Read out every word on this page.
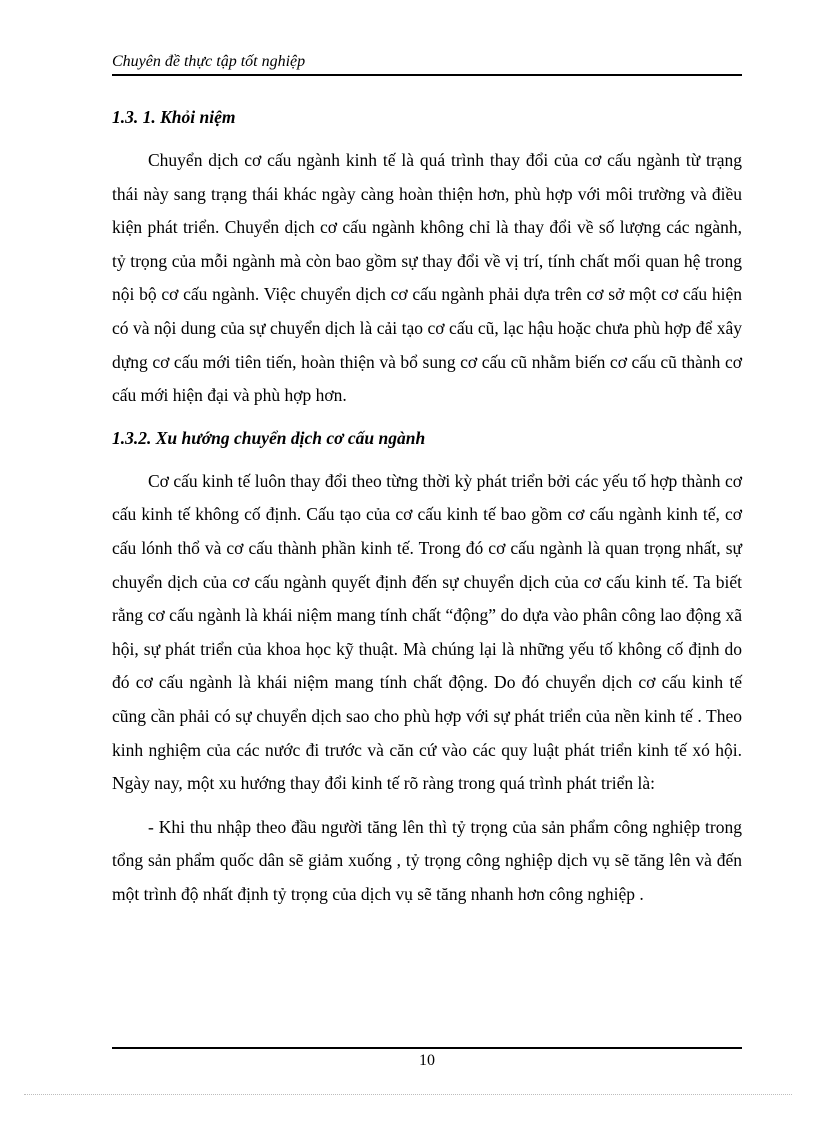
Chuyên đề thực tập tốt nghiệp
1.3. 1. Khỏi niệm

Chuyển dịch cơ cấu ngành kinh tế là quá trình thay đổi của cơ cấu ngành từ trạng thái này sang trạng thái khác ngày càng hoàn thiện hơn, phù hợp với môi trường và điều kiện phát triển. Chuyển dịch cơ cấu ngành không chỉ là thay đổi về số lượng các ngành, tỷ trọng của mỗi ngành mà còn bao gồm sự thay đổi về vị trí, tính chất mối quan hệ trong nội bộ cơ cấu ngành. Việc chuyển dịch cơ cấu ngành phải dựa trên cơ sở một cơ cấu hiện có và nội dung của sự chuyển dịch là cải tạo cơ cấu cũ, lạc hậu hoặc chưa phù hợp để xây dựng cơ cấu mới tiên tiến, hoàn thiện và bổ sung cơ cấu cũ nhằm biến cơ cấu cũ thành cơ cấu mới hiện đại và phù hợp hơn.

1.3.2. Xu hướng chuyển dịch cơ cấu ngành

Cơ cấu kinh tế luôn thay đổi theo từng thời kỳ phát triển bởi các yếu tố hợp thành cơ cấu kinh tế không cố định. Cấu tạo của cơ cấu kinh tế bao gồm cơ cấu ngành kinh tế, cơ cấu lónh thổ và cơ cấu thành phần kinh tế. Trong đó cơ cấu ngành là quan trọng nhất, sự chuyển dịch của cơ cấu ngành quyết định đến sự chuyển dịch của cơ cấu kinh tế. Ta biết rằng cơ cấu ngành là khái niệm mang tính chất “động” do dựa vào phân công lao động xã hội, sự phát triển của khoa học kỹ thuật. Mà chúng lại là những yếu tố không cố định do đó cơ cấu ngành là khái niệm mang tính chất động. Do đó chuyển dịch cơ cấu kinh tế cũng cần phải có sự chuyển dịch sao cho phù hợp với sự phát triển của nền kinh tế . Theo kinh nghiệm của các nước đi trước và căn cứ vào các quy luật phát triển kinh tế xó hội. Ngày nay, một xu hướng thay đổi kinh tế rõ ràng trong quá trình phát triển là:

- Khi thu nhập theo đầu người tăng lên thì tỷ trọng của sản phẩm công nghiệp trong tổng sản phẩm quốc dân sẽ giảm xuống , tỷ trọng công nghiệp dịch vụ sẽ tăng lên và đến một trình độ nhất định tỷ trọng của dịch vụ sẽ tăng nhanh hơn công nghiệp .

10
